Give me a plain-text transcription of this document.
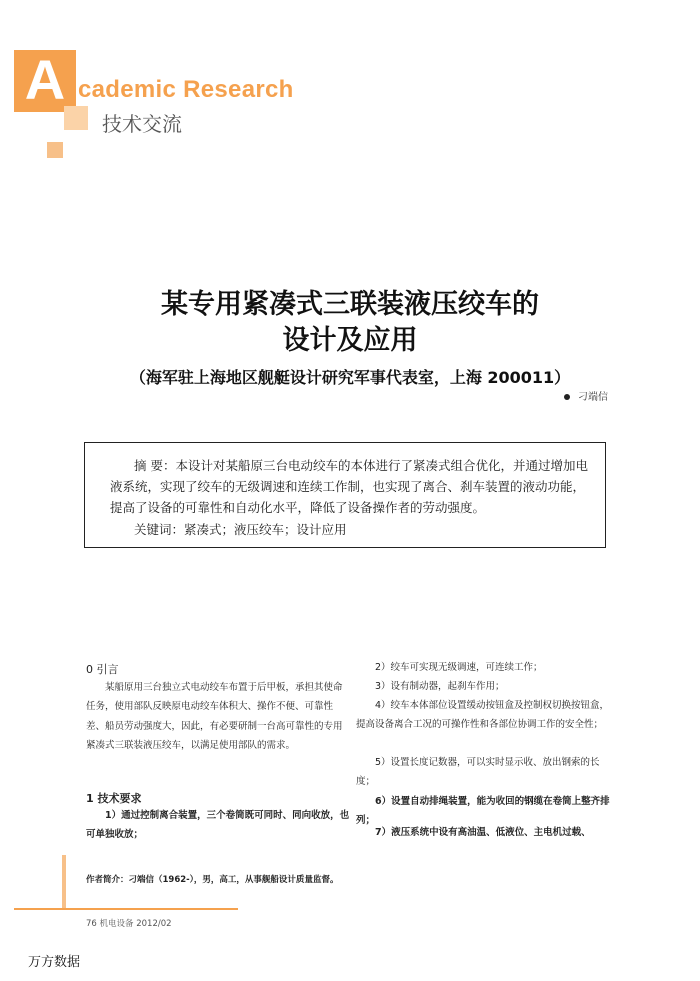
A cademic Research
技术交流
某专用紧凑式三联装液压绞车的
设计及应用
（海军驻上海地区舰艇设计研究军事代表室，上海 200011）
刁端信
摘 要：本设计对某船原三台电动绞车的本体进行了紧凑式组合优化，并通过增加电液系统，实现了绞车的无级调速和连续工作制，也实现了离合、刹车装置的液动功能，提高了设备的可靠性和自动化水平，降低了设备操作者的劳动强度。
关键词：紧凑式；液压绞车；设计应用
0 引言
某船原用三台独立式电动绞车布置于后甲板，承担其使命任务，使用部队反映原电动绞车体积大、操作不便、可靠性差、船员劳动强度大，因此，有必要研制一台高可靠性的专用紧凑式三联装液压绞车，以满足使用部队的需求。
1 技术要求
1）通过控制离合装置，三个卷筒既可同时、同向收放，也可单独收放；
2）绞车可实现无级调速，可连续工作；
3）设有制动器，起刹车作用；
4）绞车本体部位设置缓动按钮盒及控制权切换按钮盒，提高设备离合工况的可操作性和各部位协调工作的安全性；
5）设置长度记数器，可以实时显示收、放出钢索的长度；
6）设置自动排绳装置，能为收回的钢缆在卷筒上整齐排列；
7）液压系统中设有高油温、低液位、主电机过载、
作者简介：刁端信（1962-），男，高工，从事舰船设计质量监督。
76 机电设备 2012/02
万方数据
